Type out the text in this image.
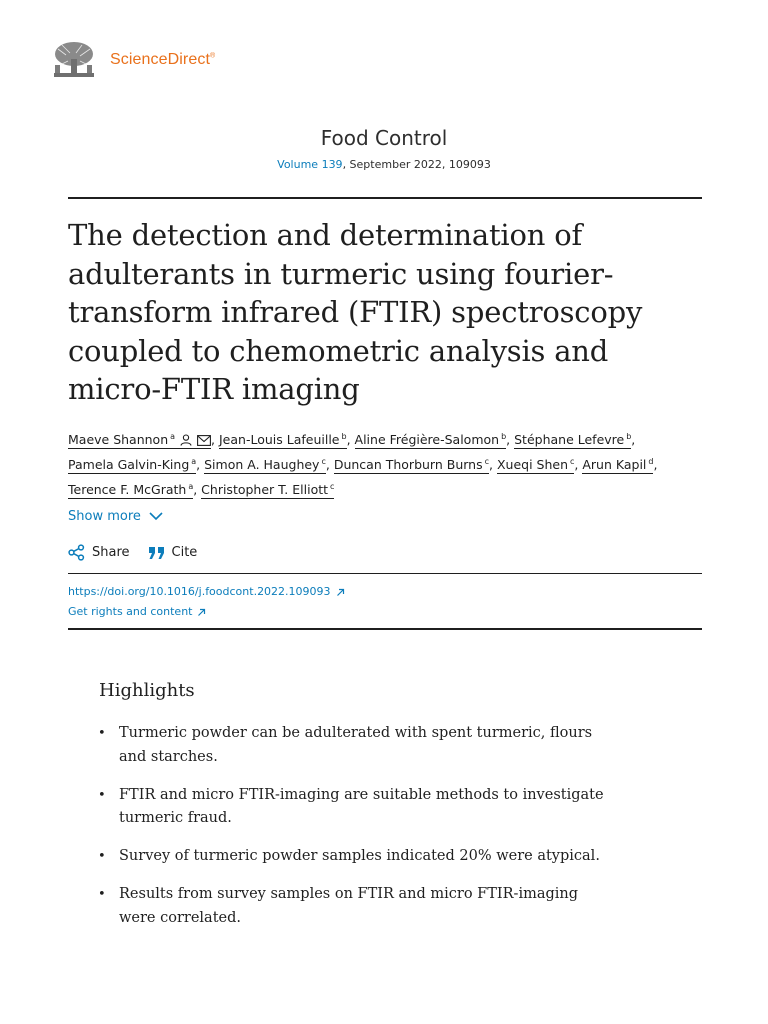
ScienceDirect®
Food Control
Volume 139, September 2022, 109093
The detection and determination of adulterants in turmeric using fourier-transform infrared (FTIR) spectroscopy coupled to chemometric analysis and micro-FTIR imaging
Maeve Shannon $^a$	, Jean-Louis Lafeuille $^b$, Aline Frégière-Salomon $^b$, Stéphane Lefevre $^b$,
Pamela Galvin-King $^a$, Simon A. Haughey $^c$, Duncan Thorburn Burns $^c$, Xueqi Shen $^c$, Arun Kapil $^d$,
Terence F. McGrath $^a$, Christopher T. Elliott $^c$
Show more
Share	Cite
https://doi.org/10.1016/j.foodcont.2022.109093
Get rights and content
Highlights
• Turmeric powder can be adulterated with spent turmeric, flours and starches.
• FTIR and micro FTIR-imaging are suitable methods to investigate turmeric fraud.
• Survey of turmeric powder samples indicated 20% were atypical.
• Results from survey samples on FTIR and micro FTIR-imaging were correlated.
